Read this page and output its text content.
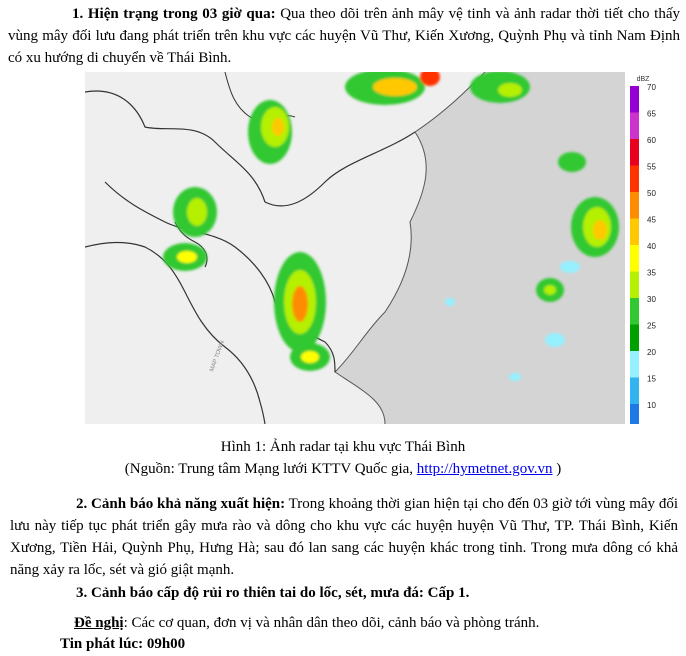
1. Hiện trạng trong 03 giờ qua: Qua theo dõi trên ảnh mây vệ tinh và ảnh radar thời tiết cho thấy vùng mây đối lưu đang phát triển trên khu vực các huyện Vũ Thư, Kiến Xương, Quỳnh Phụ và tỉnh Nam Định có xu hướng di chuyển về Thái Bình.
MAP TOWN
dBZ
70
65
60
55
50
45
40
35
30
25
20
15
10
Hình 1: Ảnh radar tại khu vực Thái Bình
(Nguồn: Trung tâm Mạng lưới KTTV Quốc gia, http://hymetnet.gov.vn )
2. Cảnh báo khả năng xuất hiện: Trong khoảng thời gian hiện tại cho đến 03 giờ tới vùng mây đối lưu này tiếp tục phát triển gây mưa rào và dông cho khu vực các huyện huyện Vũ Thư, TP. Thái Bình, Kiến Xương, Tiền Hải, Quỳnh Phụ, Hưng Hà; sau đó lan sang các huyện khác trong tỉnh. Trong mưa dông có khả năng xảy ra lốc, sét và gió giật mạnh.
3. Cảnh báo cấp độ rủi ro thiên tai do lốc, sét, mưa đá: Cấp 1.
Đề nghị: Các cơ quan, đơn vị và nhân dân theo dõi, cảnh báo và phòng tránh.
Tin phát lúc: 09h00
